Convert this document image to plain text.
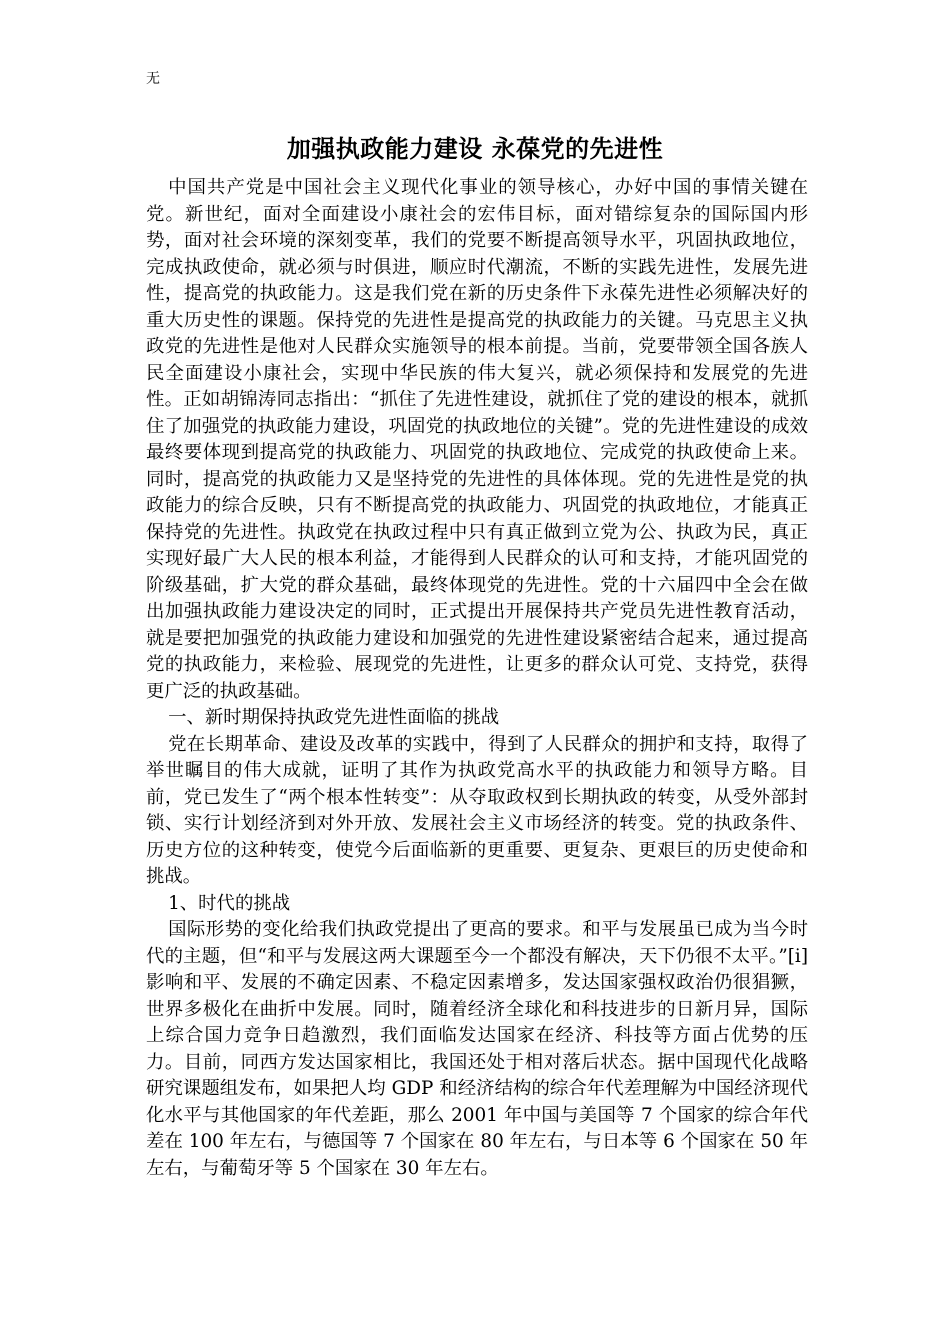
无
加强执政能力建设 永葆党的先进性

中国共产党是中国社会主义现代化事业的领导核心，办好中国的事情关键在党。新世纪，面对全面建设小康社会的宏伟目标，面对错综复杂的国际国内形势，面对社会环境的深刻变革，我们的党要不断提高领导水平，巩固执政地位，完成执政使命，就必须与时俱进，顺应时代潮流，不断的实践先进性，发展先进性，提高党的执政能力。这是我们党在新的历史条件下永葆先进性必须解决好的重大历史性的课题。保持党的先进性是提高党的执政能力的关键。马克思主义执政党的先进性是他对人民群众实施领导的根本前提。当前，党要带领全国各族人民全面建设小康社会，实现中华民族的伟大复兴，就必须保持和发展党的先进性。正如胡锦涛同志指出：“抓住了先进性建设，就抓住了党的建设的根本，就抓住了加强党的执政能力建设，巩固党的执政地位的关键”。党的先进性建设的成效最终要体现到提高党的执政能力、巩固党的执政地位、完成党的执政使命上来。同时，提高党的执政能力又是坚持党的先进性的具体体现。党的先进性是党的执政能力的综合反映，只有不断提高党的执政能力、巩固党的执政地位，才能真正保持党的先进性。执政党在执政过程中只有真正做到立党为公、执政为民，真正实现好最广大人民的根本利益，才能得到人民群众的认可和支持，才能巩固党的阶级基础，扩大党的群众基础，最终体现党的先进性。党的十六届四中全会在做出加强执政能力建设决定的同时，正式提出开展保持共产党员先进性教育活动，就是要把加强党的执政能力建设和加强党的先进性建设紧密结合起来，通过提高党的执政能力，来检验、展现党的先进性，让更多的群众认可党、支持党，获得更广泛的执政基础。

一、新时期保持执政党先进性面临的挑战

党在长期革命、建设及改革的实践中，得到了人民群众的拥护和支持，取得了举世瞩目的伟大成就，证明了其作为执政党高水平的执政能力和领导方略。目前，党已发生了“两个根本性转变”：从夺取政权到长期执政的转变，从受外部封锁、实行计划经济到对外开放、发展社会主义市场经济的转变。党的执政条件、历史方位的这种转变，使党今后面临新的更重要、更复杂、更艰巨的历史使命和挑战。

1、时代的挑战

国际形势的变化给我们执政党提出了更高的要求。和平与发展虽已成为当今时代的主题，但“和平与发展这两大课题至今一个都没有解决，天下仍很不太平。”[i]影响和平、发展的不确定因素、不稳定因素增多，发达国家强权政治仍很猖獗，世界多极化在曲折中发展。同时，随着经济全球化和科技进步的日新月异，国际上综合国力竞争日趋激烈，我们面临发达国家在经济、科技等方面占优势的压力。目前，同西方发达国家相比，我国还处于相对落后状态。据中国现代化战略研究课题组发布，如果把人均 GDP 和经济结构的综合年代差理解为中国经济现代化水平与其他国家的年代差距，那么 2001 年中国与美国等 7 个国家的综合年代差在 100 年左右，与德国等 7 个国家在 80 年左右，与日本等 6 个国家在 50 年左右，与葡萄牙等 5 个国家在 30 年左右。
